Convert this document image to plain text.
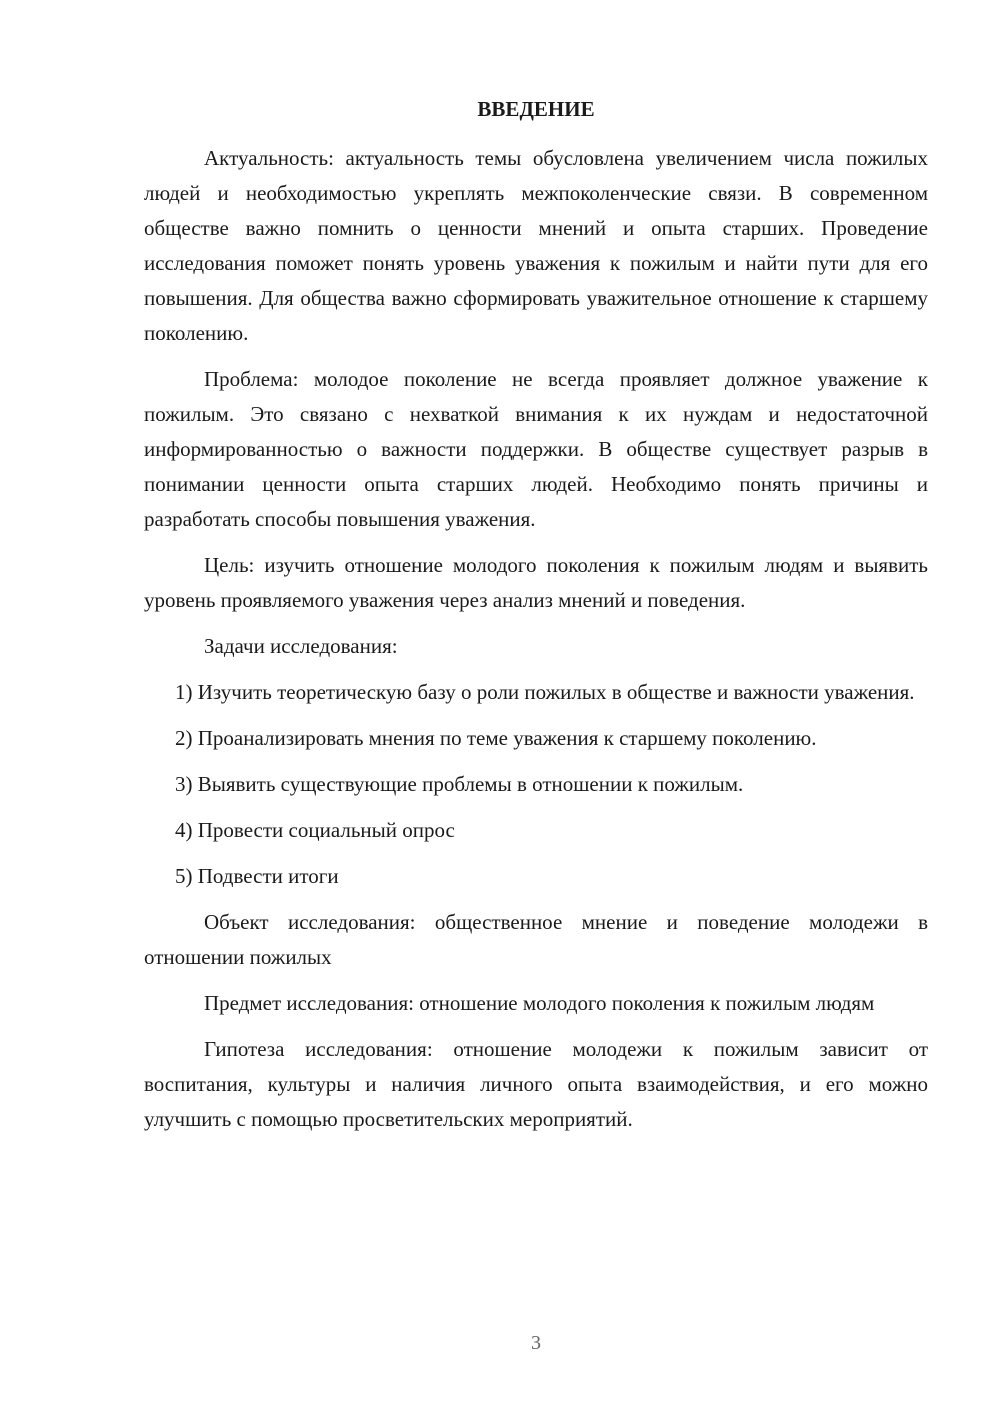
ВВЕДЕНИЕ

Актуальность: актуальность темы обусловлена увеличением числа пожилых людей и необходимостью укреплять межпоколенческие связи. В современном обществе важно помнить о ценности мнений и опыта старших. Проведение исследования поможет понять уровень уважения к пожилым и найти пути для его повышения. Для общества важно сформировать уважительное отношение к старшему поколению.

Проблема: молодое поколение не всегда проявляет должное уважение к пожилым. Это связано с нехваткой внимания к их нуждам и недостаточной информированностью о важности поддержки. В обществе существует разрыв в понимании ценности опыта старших людей. Необходимо понять причины и разработать способы повышения уважения.

Цель: изучить отношение молодого поколения к пожилым людям и выявить уровень проявляемого уважения через анализ мнений и поведения.

Задачи исследования:

1) Изучить теоретическую базу о роли пожилых в обществе и важности уважения.

2) Проанализировать мнения по теме уважения к старшему поколению.

3) Выявить существующие проблемы в отношении к пожилым.

4) Провести социальный опрос

5) Подвести итоги

Объект исследования: общественное мнение и поведение молодежи в отношении пожилых

Предмет исследования: отношение молодого поколения к пожилым людям

Гипотеза исследования: отношение молодежи к пожилым зависит от воспитания, культуры и наличия личного опыта взаимодействия, и его можно улучшить с помощью просветительских мероприятий.

3
